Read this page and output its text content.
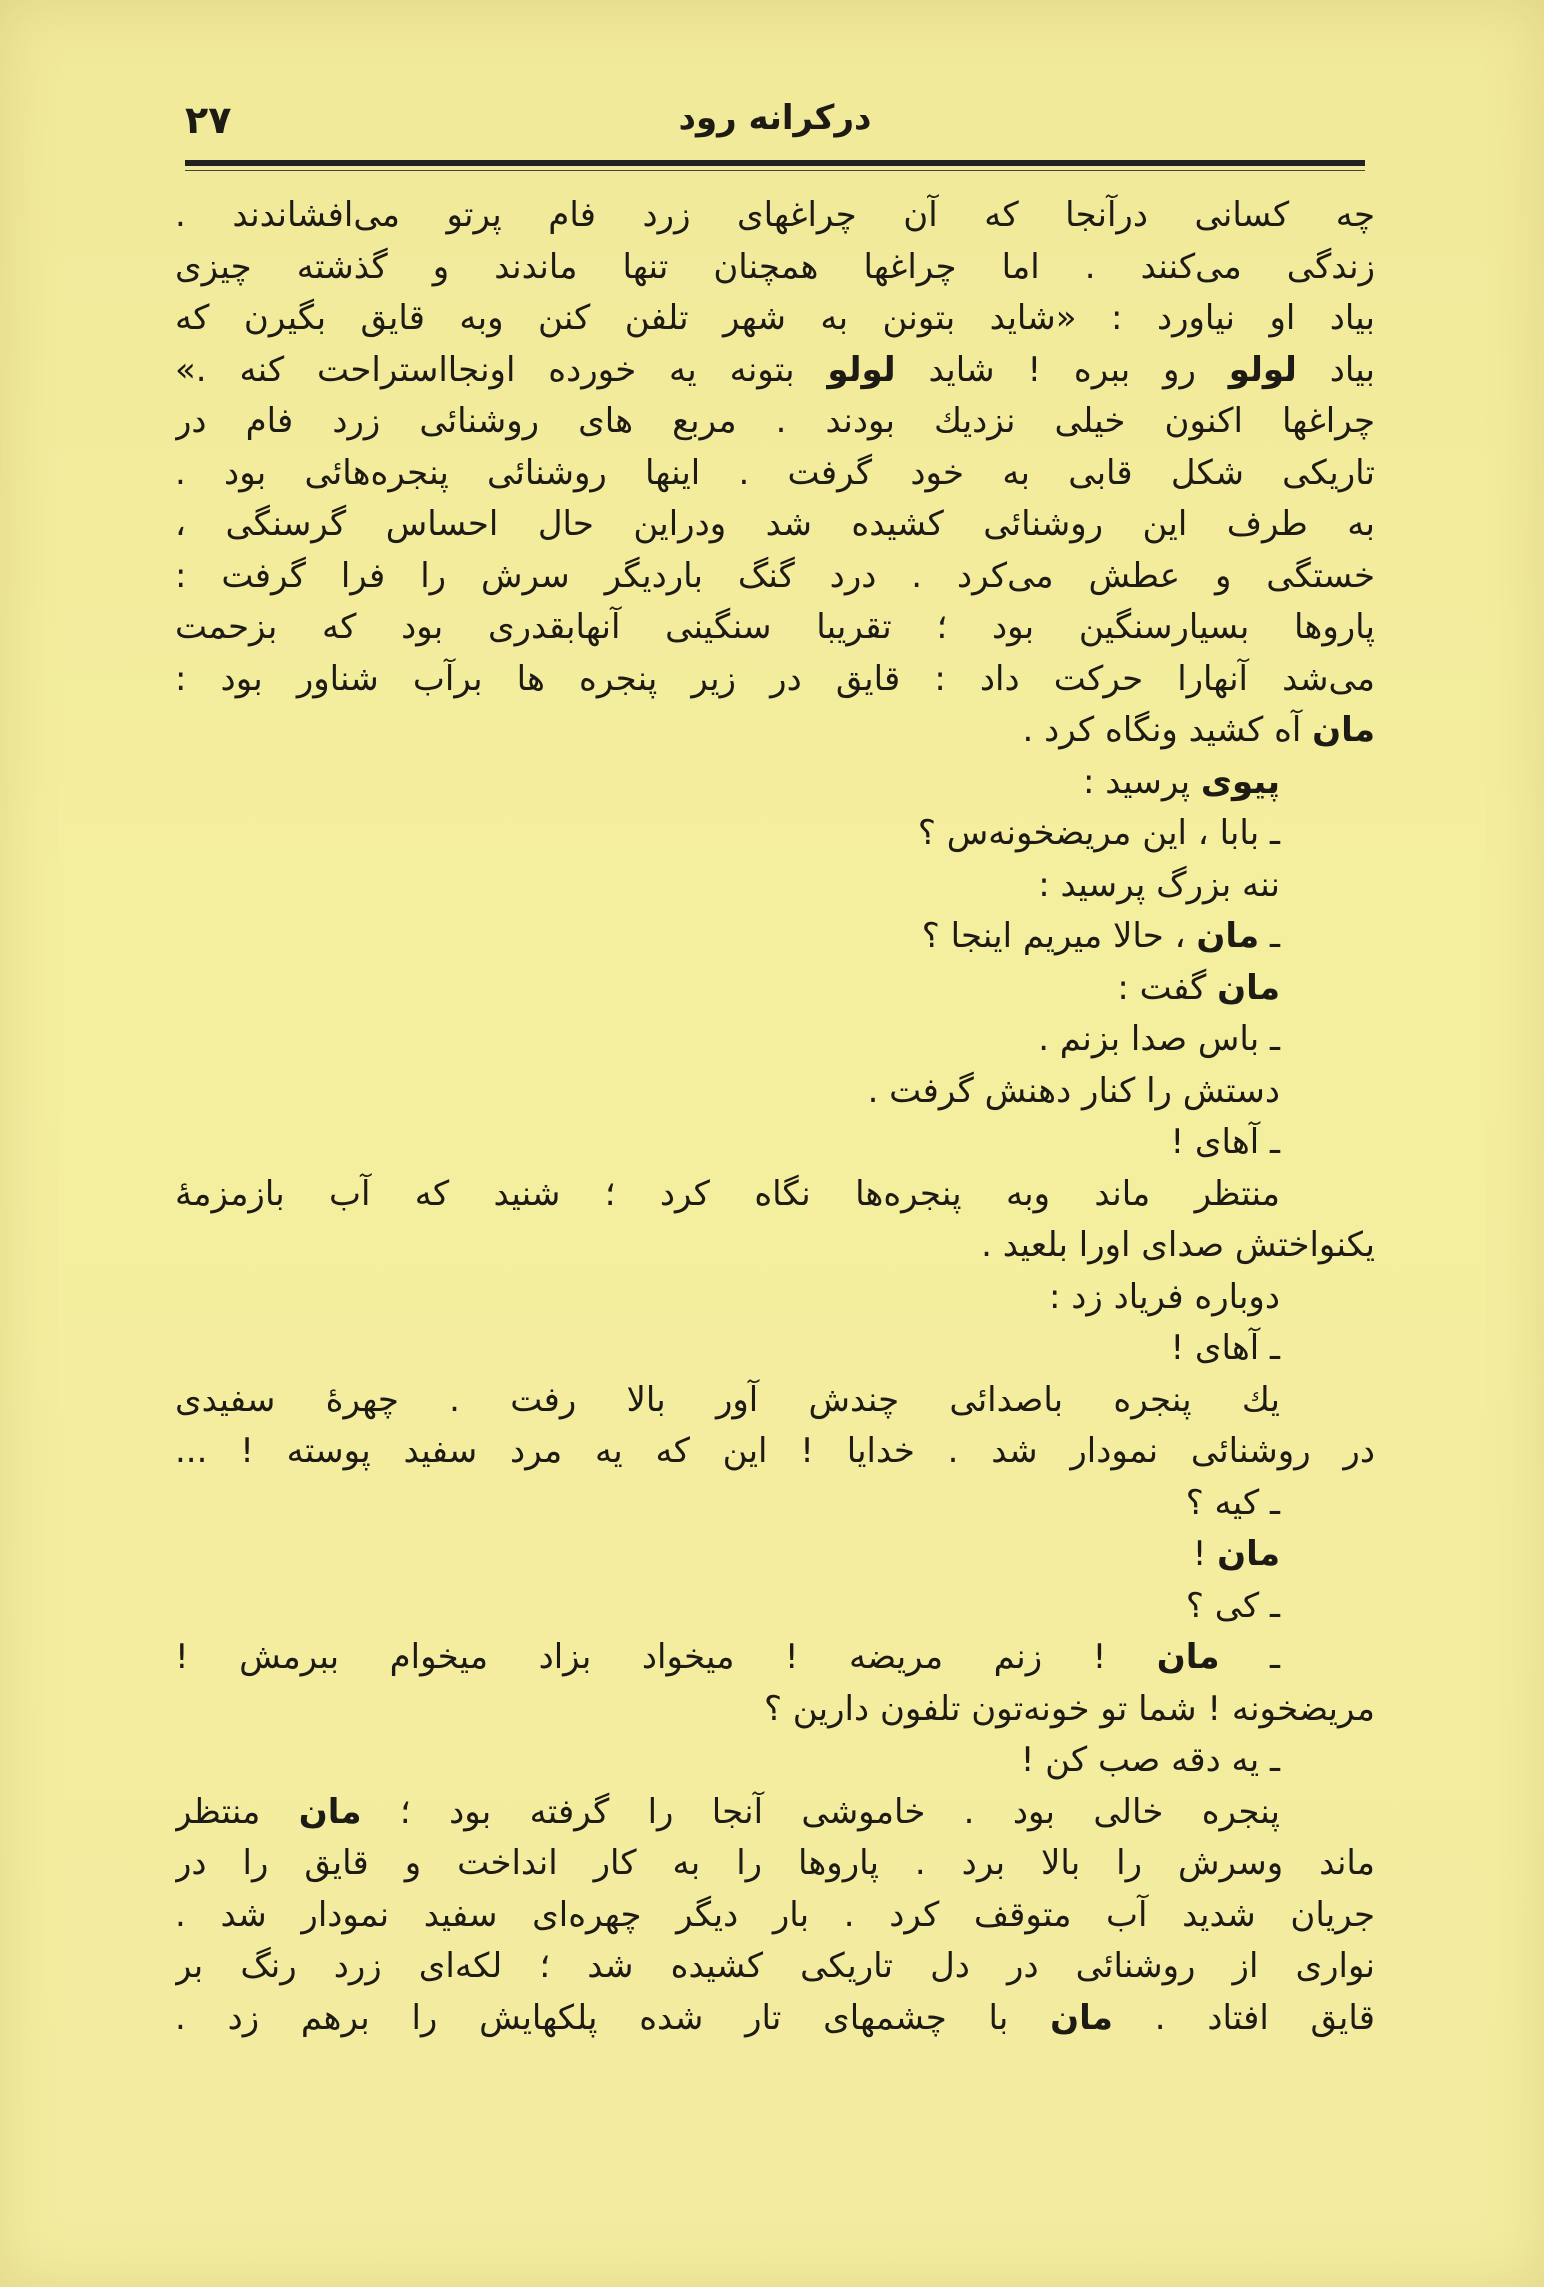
درکرانه رود
۲۷
چه کسانی درآنجا که آن چراغهای زرد فام پرتو می‌افشاندند .
زندگی می‌کنند . اما چراغها همچنان تنها ماندند و گذشته چیزی
بیاد او نیاورد : «شاید بتونن به شهر تلفن کنن وبه قایق بگیرن که
بیاد لولو رو ببره ! شاید لولو بتونه یه خورده اونجااستراحت کنه .»
چراغها اکنون خیلی نزدیك بودند . مربع های روشنائی زرد فام در
تاریکی شکل قابی به خود گرفت . اینها روشنائی پنجره‌هائی بود .
به طرف این روشنائی کشیده شد ودراین حال احساس گرسنگی ،
خستگی و عطش می‌کرد . درد گنگ باردیگر سرش را فرا گرفت :
پاروها بسیارسنگین بود ؛ تقریبا سنگینی آنهابقدری بود که بزحمت
می‌شد آنهارا حرکت داد : قایق در زیر پنجره ها برآب شناور بود :
مان آه کشید ونگاه کرد .
پیوی پرسید :
ـ بابا ، این مریضخونه‌س ؟
ننه بزرگ پرسید :
ـ مان ، حالا میریم اینجا ؟
مان گفت :
ـ باس صدا بزنم .
دستش را کنار دهنش گرفت .
ـ آهای !
منتظر ماند وبه پنجره‌ها نگاه کرد ؛ شنید که آب بازمزمهٔ
یکنواختش صدای اورا بلعید .
دوباره فریاد زد :
ـ آهای !
یك پنجره باصدائی چندش آور بالا رفت . چهرهٔ سفیدی
در روشنائی نمودار شد . خدایا ! این که یه مرد سفید پوسته ! ...
ـ کیه ؟
مان !
ـ کی ؟
ـ مان ! زنم مریضه ! میخواد بزاد میخوام ببرمش !
مریضخونه ! شما تو خونه‌تون تلفون دارین ؟
ـ یه دقه صب کن !
پنجره خالی بود . خاموشی آنجا را گرفته بود ؛ مان منتظر
ماند وسرش را بالا برد . پاروها را به کار انداخت و قایق را در
جریان شدید آب متوقف کرد . بار دیگر چهره‌ای سفید نمودار شد .
نواری از روشنائی در دل تاریکی کشیده شد ؛ لکه‌ای زرد رنگ بر
قایق افتاد . مان با چشمهای تار شده پلکهایش را برهم زد .
